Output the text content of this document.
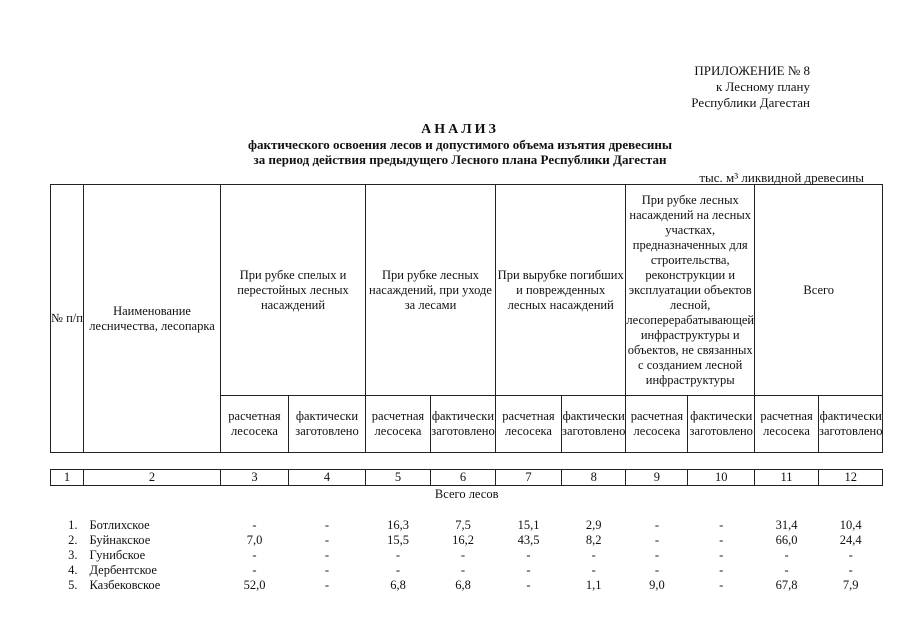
ПРИЛОЖЕНИЕ № 8
к Лесному плану
Республики Дагестан
АНАЛИЗ
фактического освоения лесов и допустимого объема изъятия древесины
за период действия предыдущего Лесного плана Республики Дагестан
тыс. м³ ликвидной древесины
№ п/п	Наименование лесничества, лесопарка	При рубке спелых и перестойных лесных насаждений		При рубке лесных насаждений, при уходе за лесами		При вырубке погибших и поврежденных лесных насаждений		При рубке лесных насаждений на лесных участках, предназначенных для строительства, реконструкции и эксплуатации объектов лесной, лесоперерабатывающей инфраструктуры и объектов, не связанных с созданием лесной инфраструктуры		Всего	
		расчетная лесосека	фактически заготовлено	расчетная лесосека	фактически заготовлено	расчетная лесосека	фактически заготовлено	расчетная лесосека	фактически заготовлено	расчетная лесосека	фактически заготовлено

1	2	3	4	5	6	7	8	9	10	11	12
Всего лесов											

1.	Ботлихское	-	-	16,3	7,5	15,1	2,9	-	-	31,4	10,4
2.	Буйнакское	7,0	-	15,5	16,2	43,5	8,2	-	-	66,0	24,4
3.	Гунибское	-	-	-	-	-	-	-	-	-	-
4.	Дербентское	-	-	-	-	-	-	-	-	-	-
5.	Казбековское	52,0	-	6,8	6,8	-	1,1	9,0	-	67,8	7,9
